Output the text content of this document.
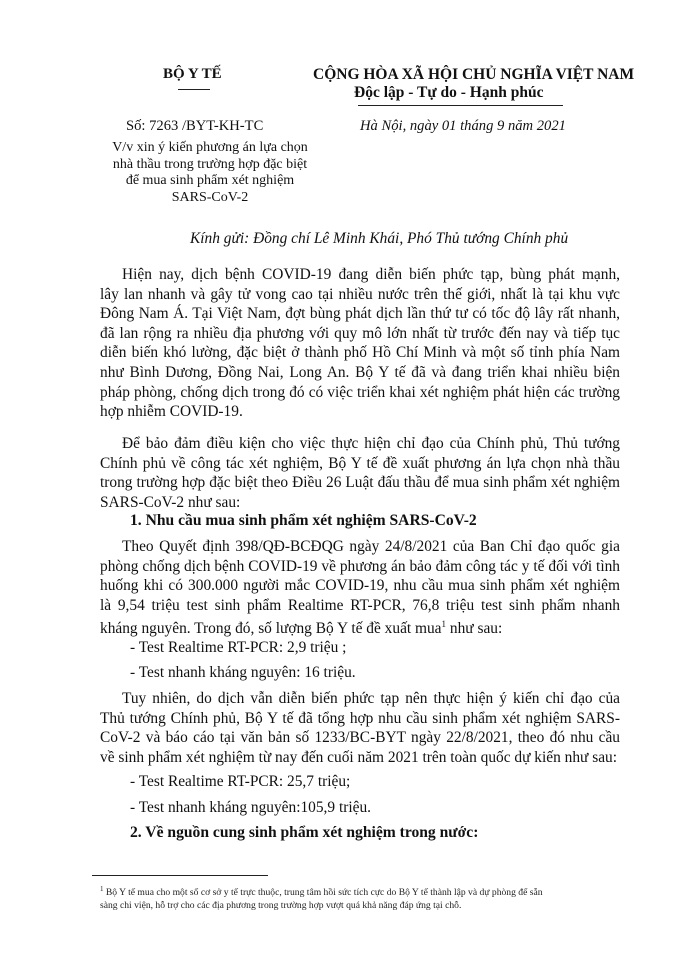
BỘ Y TẾ	CỘNG HÒA XÃ HỘI CHỦ NGHĨA VIỆT NAM
Độc lập - Tự do - Hạnh phúc
Số: 7263 /BYT-KH-TC	Hà Nội, ngày 01 tháng 9 năm 2021
V/v xin ý kiến phương án lựa chọn
nhà thầu trong trường hợp đặc biệt
để mua sinh phẩm xét nghiệm
SARS-CoV-2
Kính gửi: Đồng chí Lê Minh Khái, Phó Thủ tướng Chính phủ
Hiện nay, dịch bệnh COVID-19 đang diễn biến phức tạp, bùng phát mạnh,
lây lan nhanh và gây tử vong cao tại nhiều nước trên thế giới, nhất là tại khu vực
Đông Nam Á. Tại Việt Nam, đợt bùng phát dịch lần thứ tư có tốc độ lây rất nhanh,
đã lan rộng ra nhiều địa phương với quy mô lớn nhất từ trước đến nay và tiếp tục
diễn biến khó lường, đặc biệt ở thành phố Hồ Chí Minh và một số tỉnh phía Nam
như Bình Dương, Đồng Nai, Long An. Bộ Y tế đã và đang triển khai nhiều biện
pháp phòng, chống dịch trong đó có việc triển khai xét nghiệm phát hiện các trường
hợp nhiễm COVID-19.
Để bảo đảm điều kiện cho việc thực hiện chỉ đạo của Chính phủ, Thủ tướng
Chính phủ về công tác xét nghiệm, Bộ Y tế đề xuất phương án lựa chọn nhà thầu
trong trường hợp đặc biệt theo Điều 26 Luật đấu thầu để mua sinh phẩm xét nghiệm
SARS-CoV-2 như sau:
1. Nhu cầu mua sinh phẩm xét nghiệm SARS-CoV-2
Theo Quyết định 398/QĐ-BCĐQG ngày 24/8/2021 của Ban Chỉ đạo quốc gia
phòng chống dịch bệnh COVID-19 về phương án bảo đảm công tác y tế đối với tình
huống khi có 300.000 người mắc COVID-19, nhu cầu mua sinh phẩm xét nghiệm
là 9,54 triệu test sinh phẩm Realtime RT-PCR, 76,8 triệu test sinh phẩm nhanh
kháng nguyên. Trong đó, số lượng Bộ Y tế đề xuất mua$^1$ như sau:
- Test Realtime RT-PCR: 2,9 triệu ;
- Test nhanh kháng nguyên: 16 triệu.
Tuy nhiên, do dịch vẫn diễn biến phức tạp nên thực hiện ý kiến chỉ đạo của
Thủ tướng Chính phủ, Bộ Y tế đã tổng hợp nhu cầu sinh phẩm xét nghiệm SARS-
CoV-2 và báo cáo tại văn bản số 1233/BC-BYT ngày 22/8/2021, theo đó nhu cầu
về sinh phẩm xét nghiệm từ nay đến cuối năm 2021 trên toàn quốc dự kiến như sau:
- Test Realtime RT-PCR: 25,7 triệu;
- Test nhanh kháng nguyên:105,9 triệu.
2. Về nguồn cung sinh phẩm xét nghiệm trong nước:
$^1$ Bộ Y tế mua cho một số cơ sở y tế trực thuộc, trung tâm hồi sức tích cực do Bộ Y tế thành lập và dự phòng để sẵn
sàng chi viện, hỗ trợ cho các địa phương trong trường hợp vượt quá khả năng đáp ứng tại chỗ.
